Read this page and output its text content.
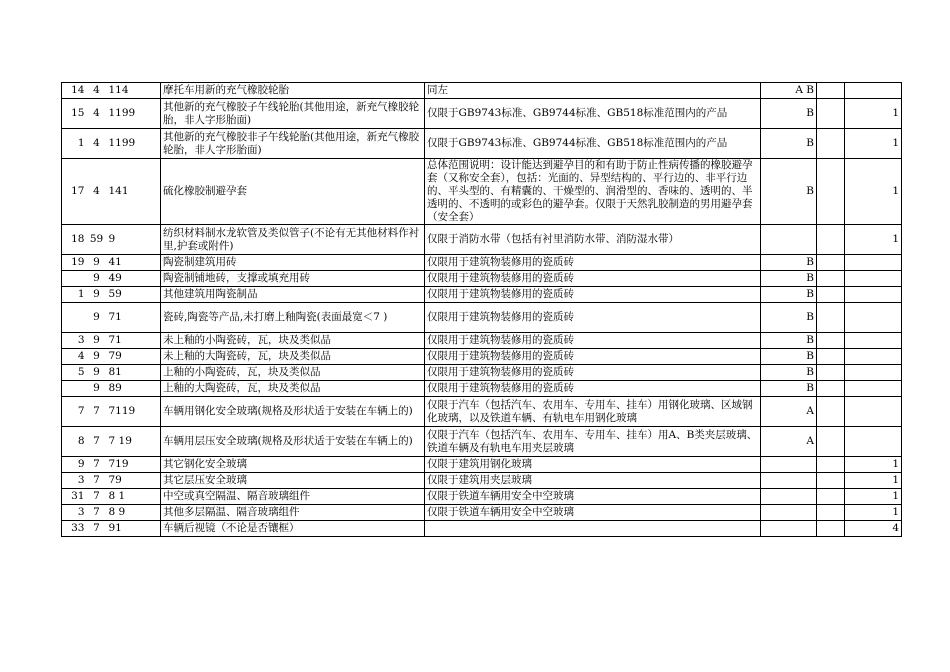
14	4	114	摩托车用新的充气橡胶轮胎	同左	A B		
15	4	1199	其他新的充气橡胶子午线轮胎(其他用途，新充气橡胶轮胎，非人字形胎面)	仅限于GB9743标准、GB9744标准、GB518标准范围内的产品	B		1
1	4	1199	其他新的充气橡胶非子午线轮胎(其他用途，新充气橡胶轮胎，非人字形胎面)	仅限于GB9743标准、GB9744标准、GB518标准范围内的产品	B		1
17	4	141	硫化橡胶制避孕套	总体范围说明：设计能达到避孕目的和有助于防止性病传播的橡胶避孕套（又称安全套），包括：光面的、异型结构的、平行边的、非平行边的、平头型的、有精囊的、干燥型的、润滑型的、香味的、透明的、半透明的、不透明的或彩色的避孕套。仅限于天然乳胶制造的男用避孕套（安全套）	B		1
18	59	9	纺织材料制水龙软管及类似管子(不论有无其他材料作衬里,护套或附件)	仅限于消防水带（包括有衬里消防水带、消防湿水带）			1
19	9	41	陶瓷制建筑用砖	仅限用于建筑物装修用的瓷质砖	B		
	9	49	陶瓷制铺地砖，支撑或填充用砖	仅限用于建筑物装修用的瓷质砖	B		
1	9	59	其他建筑用陶瓷制品	仅限用于建筑物装修用的瓷质砖	B		
	9	71	瓷砖,陶瓷等产品,未打磨上釉陶瓷(表面最宽＜7 )	仅限用于建筑物装修用的瓷质砖	B		
3	9	71	未上釉的小陶瓷砖，瓦，块及类似品	仅限用于建筑物装修用的瓷质砖	B		
4	9	79	未上釉的大陶瓷砖，瓦，块及类似品	仅限用于建筑物装修用的瓷质砖	B		
5	9	81	上釉的小陶瓷砖，瓦，块及类似品	仅限用于建筑物装修用的瓷质砖	B		
	9	89	上釉的大陶瓷砖，瓦，块及类似品	仅限用于建筑物装修用的瓷质砖	B		
7	7	7119	车辆用钢化安全玻璃(规格及形状适于安装在车辆上的)	仅限于汽车（包括汽车、农用车、专用车、挂车）用钢化玻璃、区域钢化玻璃，以及铁道车辆、有轨电车用钢化玻璃	A		
8	7	7 19	车辆用层压安全玻璃(规格及形状适于安装在车辆上的)	仅限于汽车（包括汽车、农用车、专用车、挂车）用A、B类夹层玻璃、铁道车辆及有轨电车用夹层玻璃	A		
9	7	719	其它钢化安全玻璃	仅限于建筑用钢化玻璃			1
3	7	79	其它层压安全玻璃	仅限于建筑用夹层玻璃			1
31	7	8 1	中空或真空隔温、隔音玻璃组件	仅限于铁道车辆用安全中空玻璃			1
3	7	8 9	其他多层隔温、隔音玻璃组件	仅限于铁道车辆用安全中空玻璃			1
33	7	91	车辆后视镜（不论是否镶框）				4
